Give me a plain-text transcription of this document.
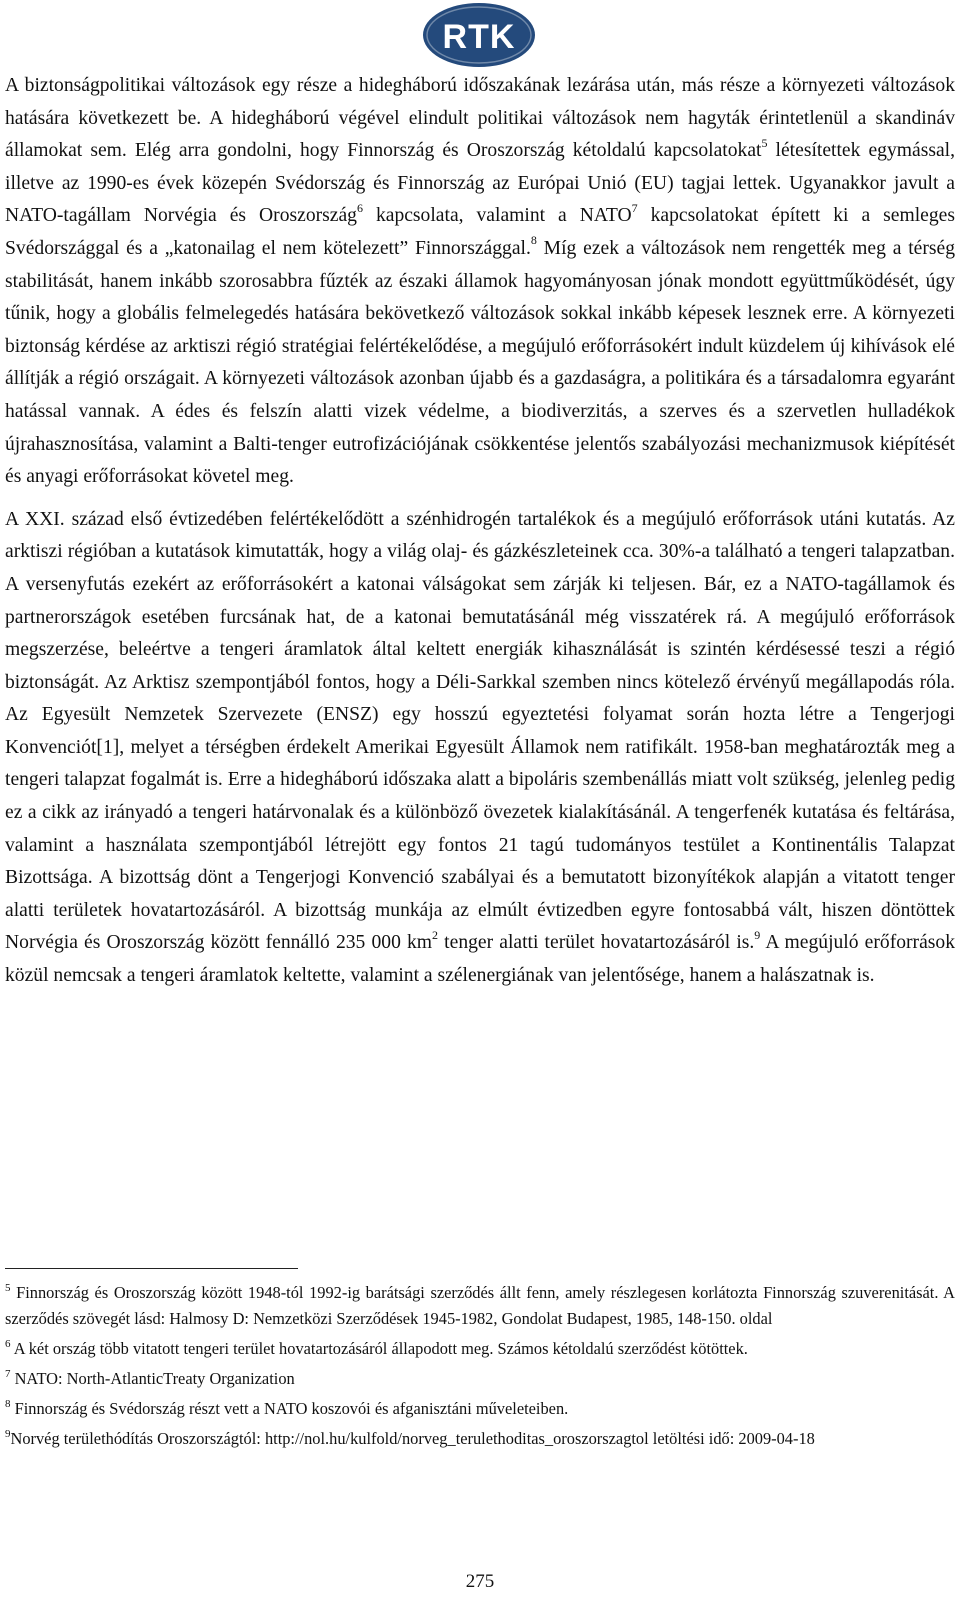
RTK

A biztonságpolitikai változások egy része a hidegháború időszakának lezárása után, más része a környezeti változások hatására következett be. A hidegháború végével elindult politikai változások nem hagyták érintetlenül a skandináv államokat sem. Elég arra gondolni, hogy Finnország és Oroszország kétoldalú kapcsolatokat$^5$ létesítettek egymással, illetve az 1990-es évek közepén Svédország és Finnország az Európai Unió (EU) tagjai lettek. Ugyanakkor javult a NATO-tagállam Norvégia és Oroszország$^6$ kapcsolata, valamint a NATO$^7$ kapcsolatokat épített ki a semleges Svédországgal és a „katonailag el nem kötelezett” Finnországgal.$^8$ Míg ezek a változások nem rengették meg a térség stabilitását, hanem inkább szorosabbra fűzték az északi államok hagyományosan jónak mondott együttműködését, úgy tűnik, hogy a globális felmelegedés hatására bekövetkező változások sokkal inkább képesek lesznek erre. A környezeti biztonság kérdése az arktiszi régió stratégiai felértékelődése, a megújuló erőforrásokért indult küzdelem új kihívások elé állítják a régió országait. A környezeti változások azonban újabb és a gazdaságra, a politikára és a társadalomra egyaránt hatással vannak. A édes és felszín alatti vizek védelme, a biodiverzitás, a szerves és a szervetlen hulladékok újrahasznosítása, valamint a Balti-tenger eutrofizációjának csökkentése jelentős szabályozási mechanizmusok kiépítését és anyagi erőforrásokat követel meg.

A XXI. század első évtizedében felértékelődött a szénhidrogén tartalékok és a megújuló erőforrások utáni kutatás. Az arktiszi régióban a kutatások kimutatták, hogy a világ olaj- és gázkészleteinek cca. 30%-a található a tengeri talapzatban. A versenyfutás ezekért az erőforrásokért a katonai válságokat sem zárják ki teljesen. Bár, ez a NATO-tagállamok és partnerországok esetében furcsának hat, de a katonai bemutatásánál még visszatérek rá. A megújuló erőforrások megszerzése, beleértve a tengeri áramlatok által keltett energiák kihasználását is szintén kérdésessé teszi a régió biztonságát. Az Arktisz szempontjából fontos, hogy a Déli-Sarkkal szemben nincs kötelező érvényű megállapodás róla. Az Egyesült Nemzetek Szervezete (ENSZ) egy hosszú egyeztetési folyamat során hozta létre a Tengerjogi Konvenciót[1], melyet a térségben érdekelt Amerikai Egyesült Államok nem ratifikált. 1958-ban meghatározták meg a tengeri talapzat fogalmát is. Erre a hidegháború időszaka alatt a bipoláris szembenállás miatt volt szükség, jelenleg pedig ez a cikk az irányadó a tengeri határvonalak és a különböző övezetek kialakításánál. A tengerfenék kutatása és feltárása, valamint a használata szempontjából létrejött egy fontos 21 tagú tudományos testület a Kontinentális Talapzat Bizottsága. A bizottság dönt a Tengerjogi Konvenció szabályai és a bemutatott bizonyítékok alapján a vitatott tenger alatti területek hovatartozásáról. A bizottság munkája az elmúlt évtizedben egyre fontosabbá vált, hiszen döntöttek Norvégia és Oroszország között fennálló 235 000 $km^2$ tenger alatti terület hovatartozásáról is.$^9$ A megújuló erőforrások közül nemcsak a tengeri áramlatok keltette, valamint a szélenergiának van jelentősége, hanem a halászatnak is.

$^5$ Finnország és Oroszország között 1948-tól 1992-ig barátsági szerződés állt fenn, amely részlegesen korlátozta Finnország szuverenitását. A szerződés szövegét lásd: Halmosy D: Nemzetközi Szerződések 1945-1982, Gondolat Budapest, 1985, 148-150. oldal

$^6$ A két ország több vitatott tengeri terület hovatartozásáról állapodott meg. Számos kétoldalú szerződést kötöttek.

$^7$ NATO: North-AtlanticTreaty Organization

$^8$ Finnország és Svédország részt vett a NATO koszovói és afganisztáni műveleteiben.

$^9$Norvég területhódítás Oroszországtól: http://nol.hu/kulfold/norveg_terulethoditas_oroszorszagtol letöltési idő: 2009-04-18

275
